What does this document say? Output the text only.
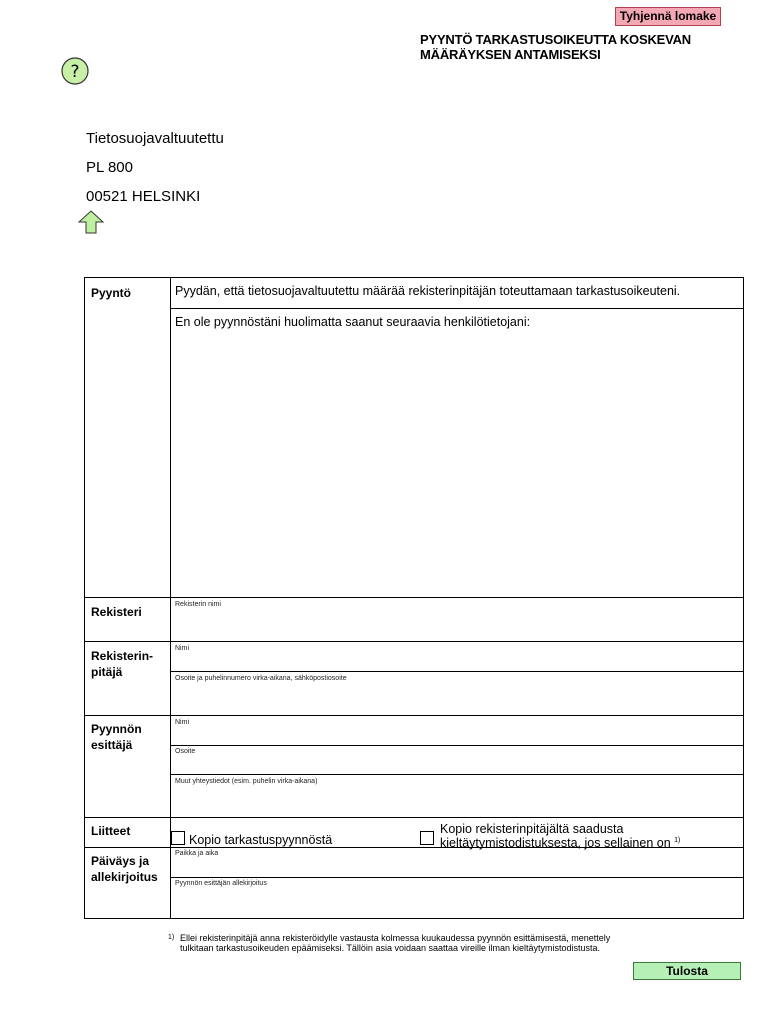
Tyhjennä lomake
PYYNTÖ TARKASTUSOIKEUTTA KOSKEVAN
MÄÄRÄYKSEN ANTAMISEKSI
?
Tietosuojavaltuutettu
PL 800
00521 HELSINKI
Pyyntö	Pyydän, että tietosuojavaltuutettu määrää rekisterinpitäjän toteuttamaan tarkastusoikeuteni.
En ole pyynnöstäni huolimatta saanut seuraavia henkilötietojani:
Rekisteri
Rekisterin nimi
Rekisterin-
pitäjä
Nimi
Osoite ja puhelinnumero virka-aikana, sähköpostiosoite
Pyynnön
esittäjä
Nimi
Osoite
Muut yhteystiedot (esim. puhelin virka-aikana)
Liitteet
Kopio tarkastuspyynnöstä
Kopio rekisterinpitäjältä saadusta
kieltäytymistodistuksesta, jos sellainen on $^{1)}$
Päiväys ja
allekirjoitus
Paikka ja aika
Pyynnön esittäjän allekirjoitus
1) Ellei rekisterinpitäjä anna rekisteröidylle vastausta kolmessa kuukaudessa pyynnön esittämisestä, menettely
tulkitaan tarkastusoikeuden epäämiseksi. Tällöin asia voidaan saattaa vireille ilman kieltäytymistodistusta.
Tulosta
